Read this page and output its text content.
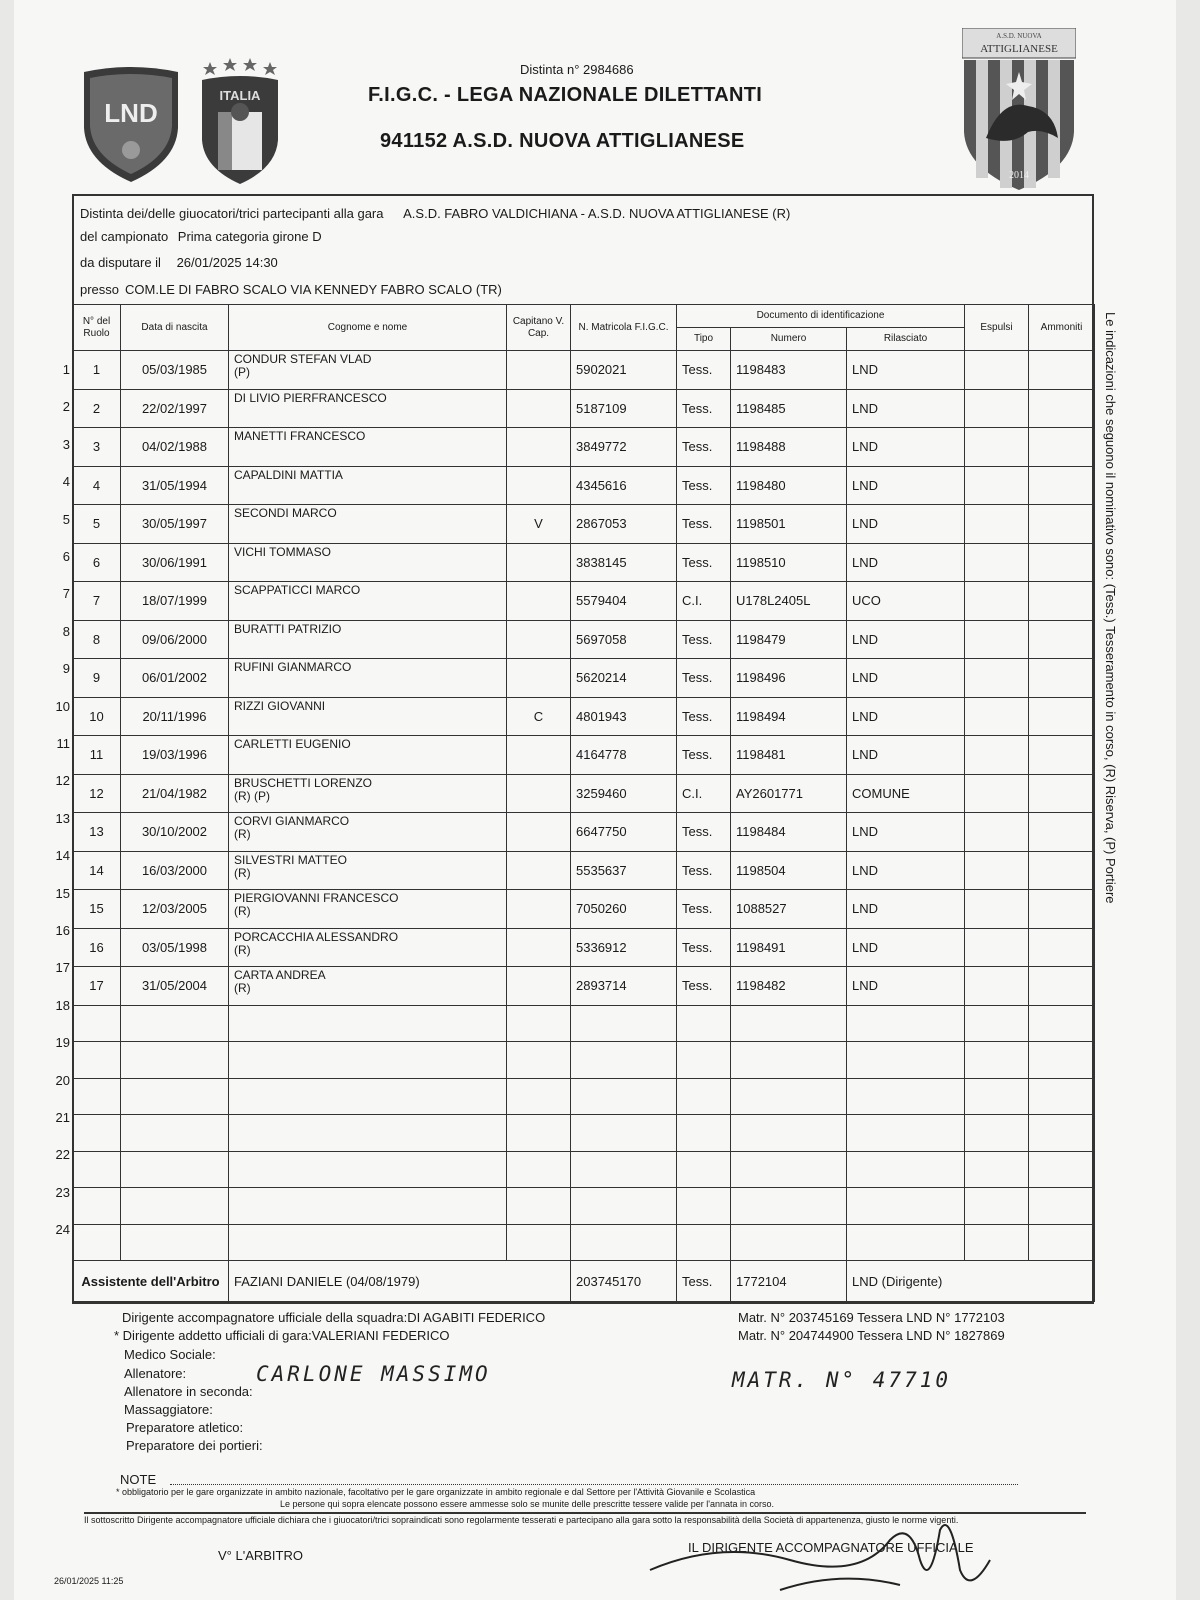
LND
ITALIA
A.S.D. NUOVA
ATTIGLIANESE
2014
Distinta n° 2984686
F.I.G.C. - LEGA NAZIONALE DILETTANTI
941152 A.S.D. NUOVA ATTIGLIANESE
Distinta dei/delle giuocatori/trici partecipanti alla gara A.S.D. FABRO VALDICHIANA - A.S.D. NUOVA ATTIGLIANESE (R)
del campionato Prima categoria girone D
da disputare il 26/01/2025 14:30
presso COM.LE DI FABRO SCALO VIA KENNEDY FABRO SCALO (TR)
N° del Ruolo	Data di nascita	Cognome e nome	Capitano V. Cap.	N. Matricola F.I.G.C.	Documento di identificazione			Espulsi	Ammoniti
					Tipo	Numero	Rilasciato		
1	05/03/1985	CONDUR STEFAN VLAD
(P)		5902021	Tess.	1198483	LND		
2	22/02/1997	DI LIVIO PIERFRANCESCO		5187109	Tess.	1198485	LND		
3	04/02/1988	MANETTI FRANCESCO		3849772	Tess.	1198488	LND		
4	31/05/1994	CAPALDINI MATTIA		4345616	Tess.	1198480	LND		
5	30/05/1997	SECONDI MARCO	V	2867053	Tess.	1198501	LND		
6	30/06/1991	VICHI TOMMASO		3838145	Tess.	1198510	LND		
7	18/07/1999	SCAPPATICCI MARCO		5579404	C.I.	U178L2405L	UCO		
8	09/06/2000	BURATTI PATRIZIO		5697058	Tess.	1198479	LND		
9	06/01/2002	RUFINI GIANMARCO		5620214	Tess.	1198496	LND		
10	20/11/1996	RIZZI GIOVANNI	C	4801943	Tess.	1198494	LND		
11	19/03/1996	CARLETTI EUGENIO		4164778	Tess.	1198481	LND		
12	21/04/1982	BRUSCHETTI LORENZO
(R) (P)		3259460	C.I.	AY2601771	COMUNE		
13	30/10/2002	CORVI GIANMARCO
(R)		6647750	Tess.	1198484	LND		
14	16/03/2000	SILVESTRI MATTEO
(R)		5535637	Tess.	1198504	LND		
15	12/03/2005	PIERGIOVANNI FRANCESCO
(R)		7050260	Tess.	1088527	LND		
16	03/05/1998	PORCACCHIA ALESSANDRO
(R)		5336912	Tess.	1198491	LND		
17	31/05/2004	CARTA ANDREA
(R)		2893714	Tess.	1198482	LND		

Assistente dell'Arbitro		FAZIANI DANIELE (04/08/1979)		203745170	Tess.	1772104	LND (Dirigente)		
1
2
3
4
5
6
7
8
9
10
11
12
13
14
15
16
17
18
19
20
21
22
23
24
Dirigente accompagnatore ufficiale della squadra:DI AGABITI FEDERICO	Matr. N° 203745169 Tessera LND N° 1772103
* Dirigente addetto ufficiali di gara:VALERIANI FEDERICO	Matr. N° 204744900 Tessera LND N° 1827869
Medico Sociale:
Allenatore:	CARLONE MASSIMO	MATR. N° 47710
Allenatore in seconda:
Massaggiatore:
Preparatore atletico:
Preparatore dei portieri:
NOTE
* obbligatorio per le gare organizzate in ambito nazionale, facoltativo per le gare organizzate in ambito regionale e dal Settore per l'Attività Giovanile e Scolastica
Le persone qui sopra elencate possono essere ammesse solo se munite delle prescritte tessere valide per l'annata in corso.
Il sottoscritto Dirigente accompagnatore ufficiale dichiara che i giuocatori/trici sopraindicati sono regolarmente tesserati e partecipano alla gara sotto la responsabilità della Società di appartenenza, giusto le norme vigenti.
V° L'ARBITRO
IL DIRIGENTE ACCOMPAGNATORE UFFICIALE
26/01/2025 11:25
Le indicazioni che seguono il nominativo sono: (Tess.) Tesseramento in corso, (R) Riserva, (P) Portiere
